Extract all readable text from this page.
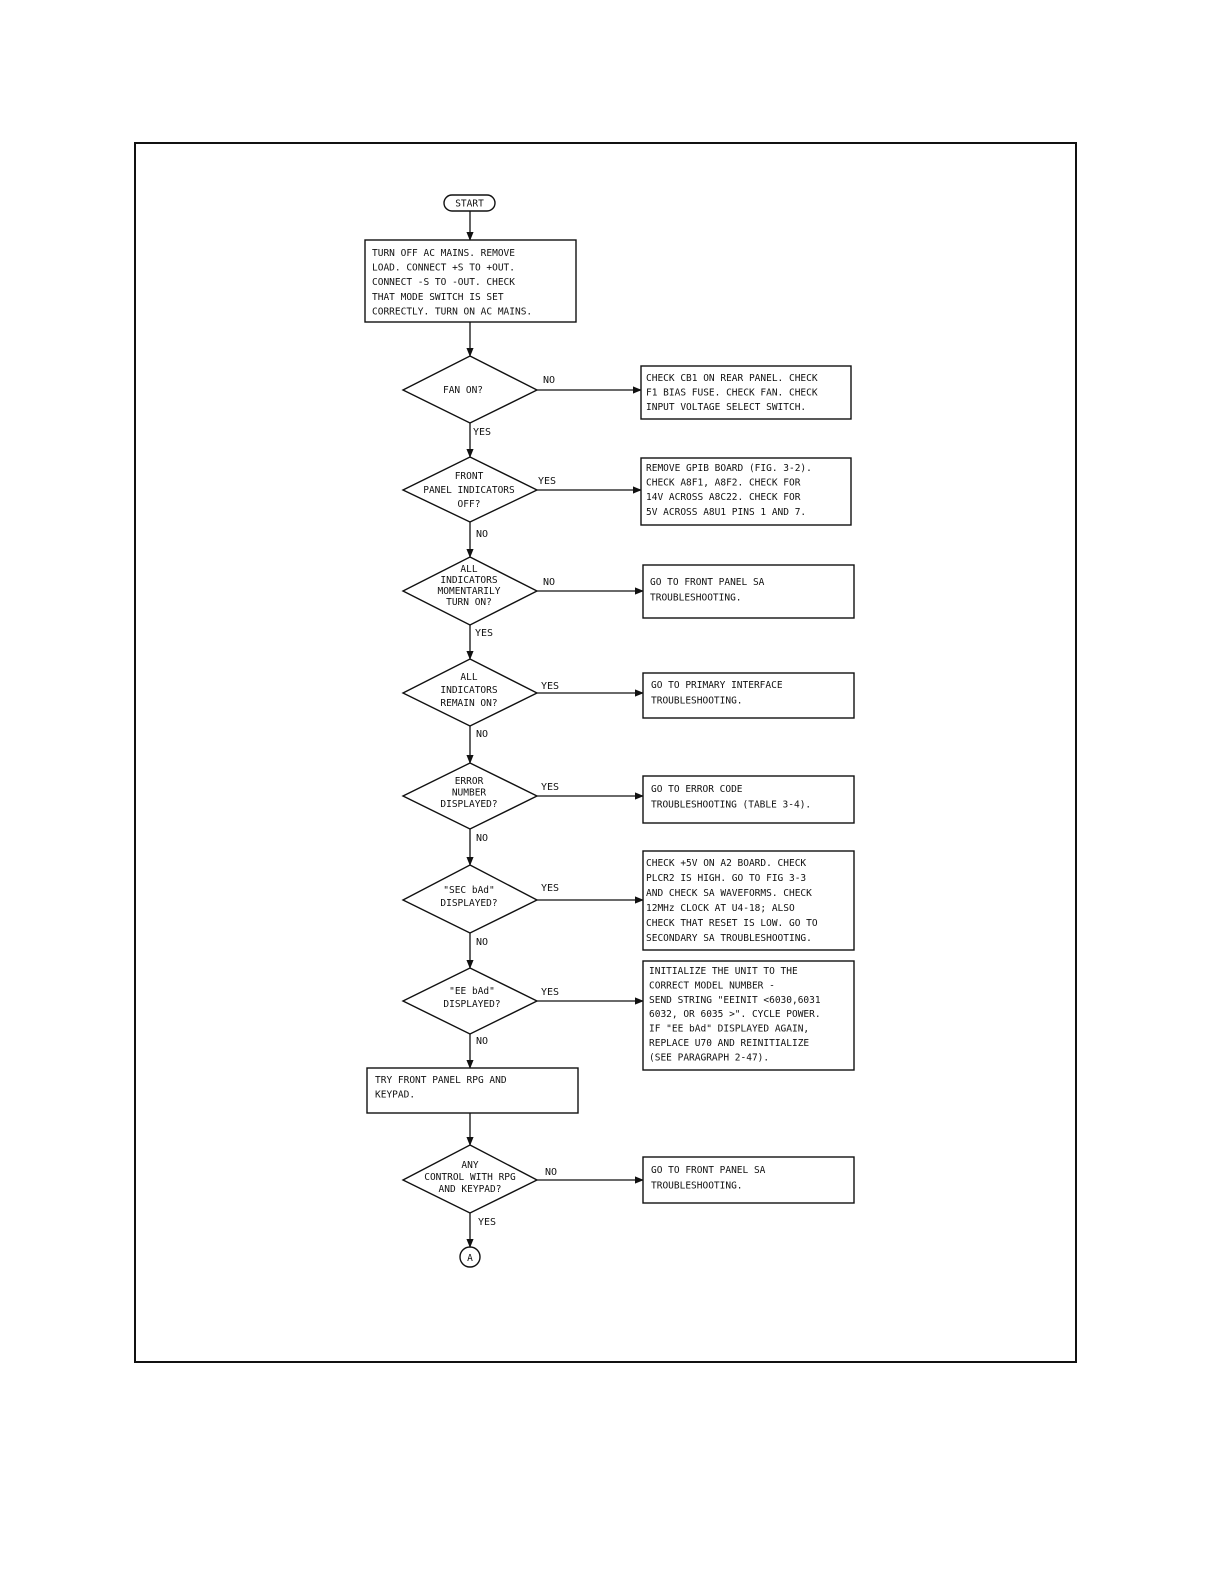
START
TURN OFF AC MAINS. REMOVE
LOAD. CONNECT +S TO +OUT.
CONNECT -S TO -OUT. CHECK
THAT MODE SWITCH IS SET
CORRECTLY. TURN ON AC MAINS.
TRY FRONT PANEL RPG AND
KEYPAD.
FAN ON?
FRONT
PANEL INDICATORS
OFF?
ALL
INDICATORS
MOMENTARILY
TURN ON?
ALL
INDICATORS
REMAIN ON?
ERROR
NUMBER
DISPLAYED?
"SEC bAd"
DISPLAYED?
"EE bAd"
DISPLAYED?
ANY
CONTROL WITH RPG
AND KEYPAD?
CHECK CB1 ON REAR PANEL. CHECK
F1 BIAS FUSE. CHECK FAN. CHECK
INPUT VOLTAGE SELECT SWITCH.
REMOVE GPIB BOARD (FIG. 3-2).
CHECK A8F1, A8F2. CHECK FOR
14V ACROSS A8C22. CHECK FOR
5V ACROSS A8U1 PINS 1 AND 7.
GO TO FRONT PANEL SA
TROUBLESHOOTING.
GO TO PRIMARY INTERFACE
TROUBLESHOOTING.
GO TO ERROR CODE
TROUBLESHOOTING (TABLE 3-4).
CHECK +5V ON A2 BOARD. CHECK
PLCR2 IS HIGH. GO TO FIG 3-3
AND CHECK SA WAVEFORMS. CHECK
12MHz CLOCK AT U4-18; ALSO
CHECK THAT RESET IS LOW. GO TO
SECONDARY SA TROUBLESHOOTING.
INITIALIZE THE UNIT TO THE
CORRECT MODEL NUMBER -
SEND STRING "EEINIT <6030,6031
6032, OR 6035 >". CYCLE POWER.
IF "EE bAd" DISPLAYED AGAIN,
REPLACE U70 AND REINITIALIZE
(SEE PARAGRAPH 2-47).
GO TO FRONT PANEL SA
TROUBLESHOOTING.
NO
YES
YES
NO
NO
YES
YES
NO
YES
NO
YES
NO
YES
NO
NO
YES
A
